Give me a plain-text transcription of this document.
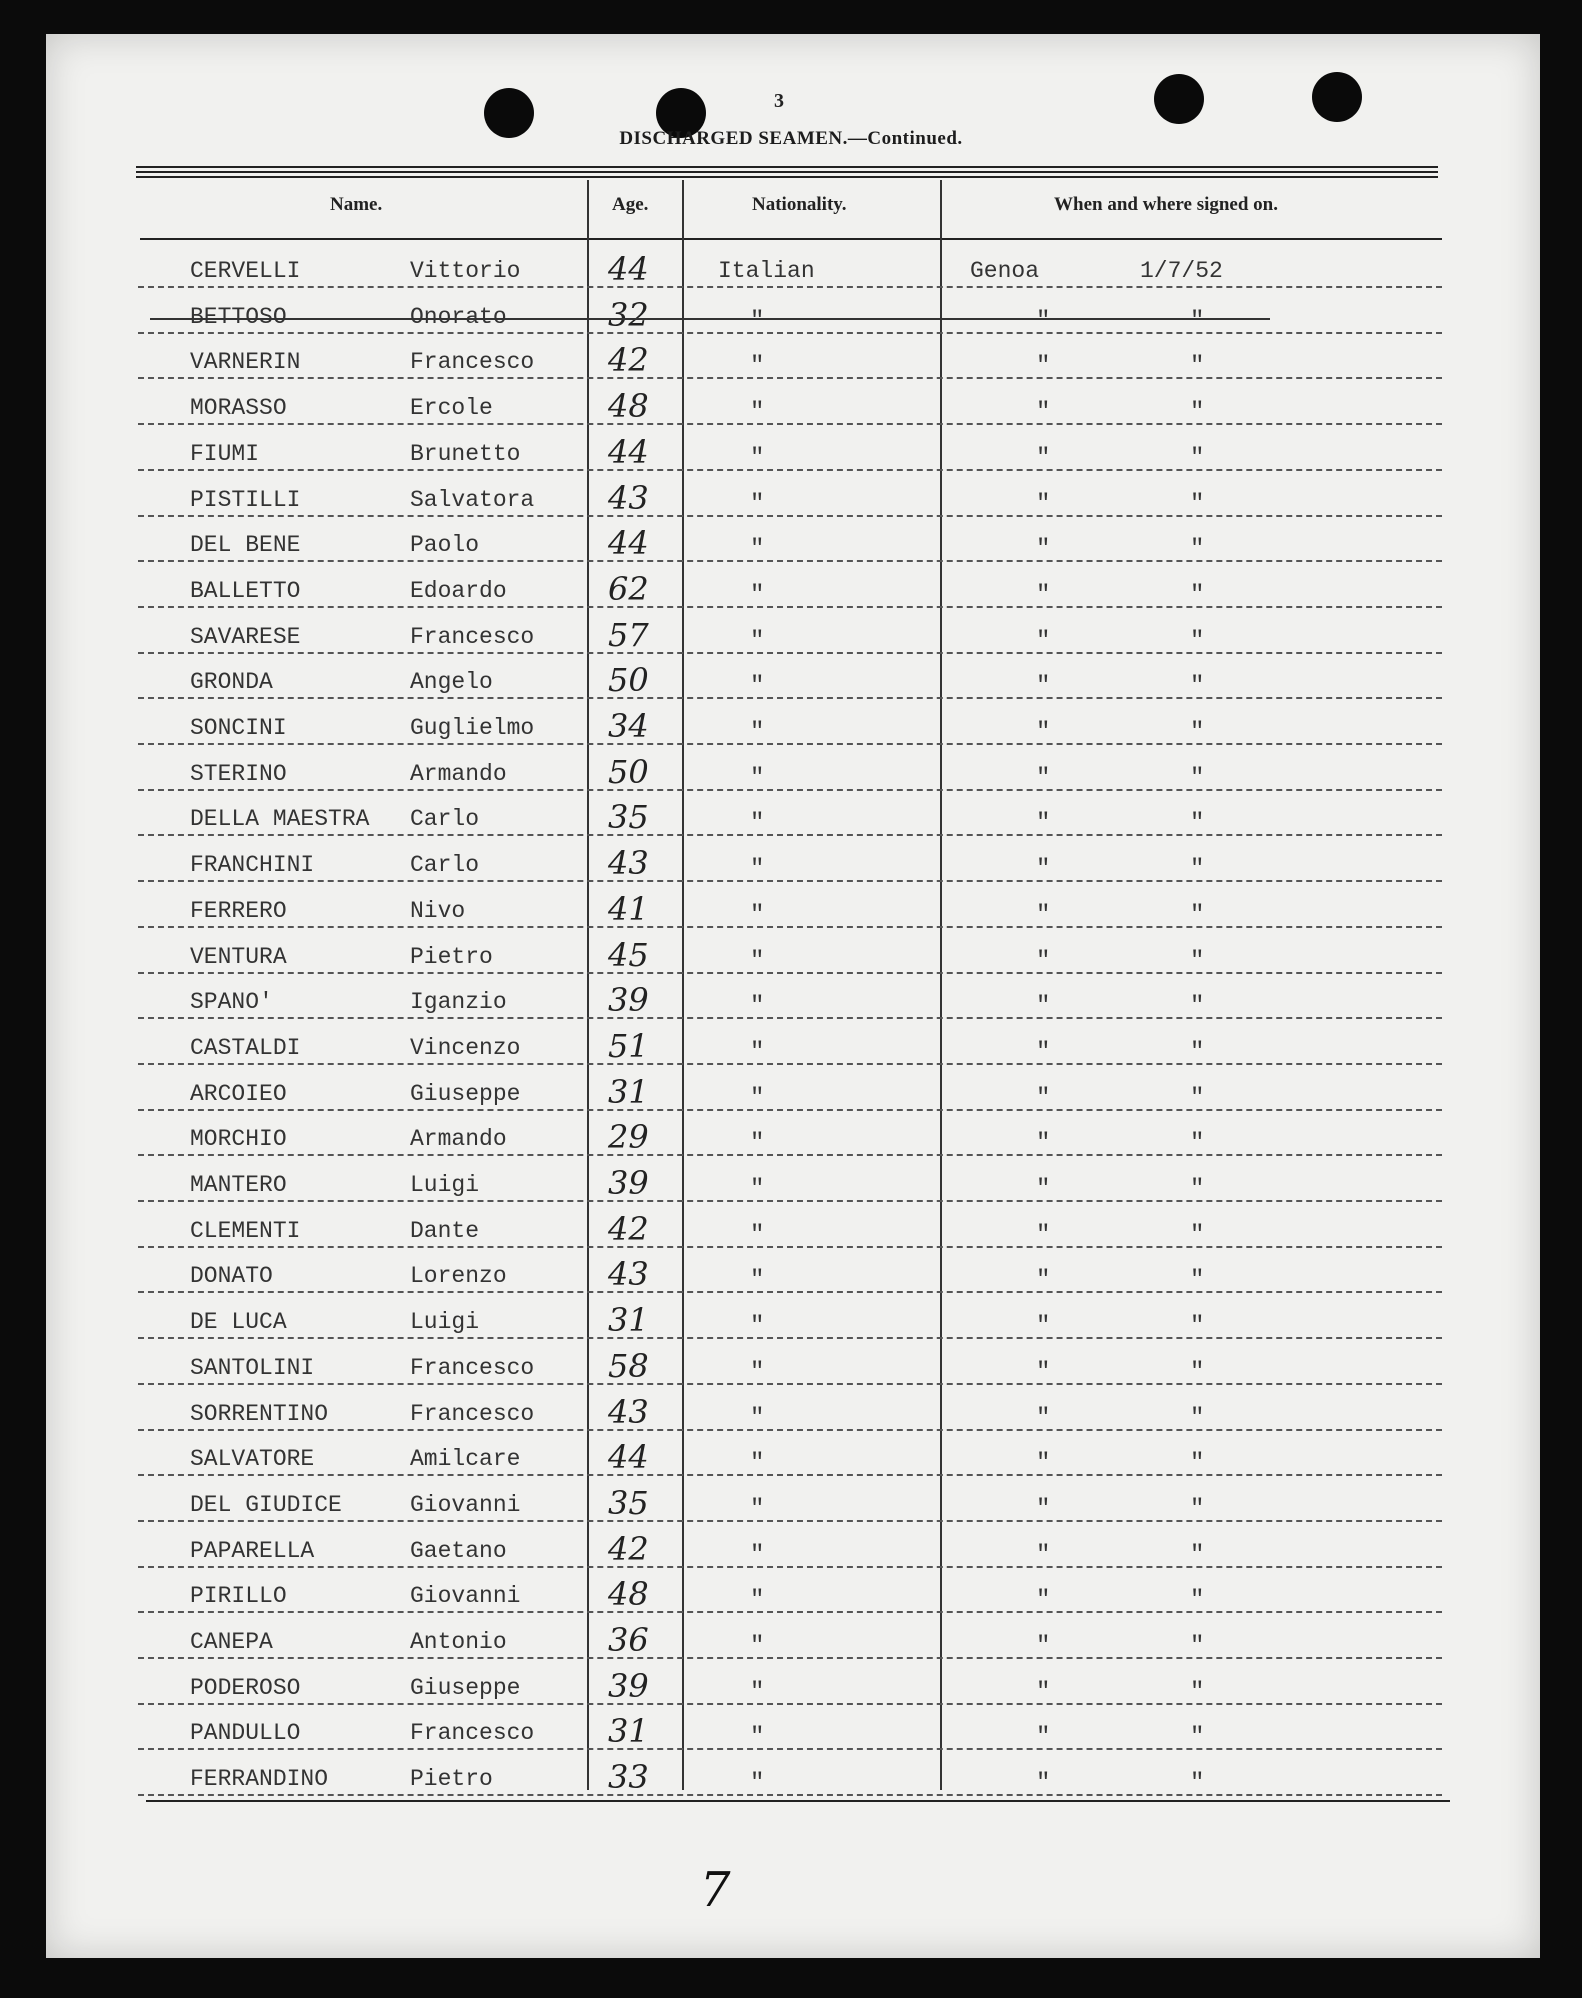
3
DISCHARGED SEAMEN.—Continued.
Name.	Age.	Nationality.	When and where signed on.
CERVELLI	Vittorio	44	Italian	Genoa	1/7/52
BETTOSO	Onorato	32	"	"	"
VARNERIN	Francesco 42	"	"	"
MORASSO	Ercole	48	"	"	"
FIUMI	Brunetto	44	"	"	"
PISTILLI	Salvatora 43	"	"	"
DEL BENE	Paolo	44	"	"	"
BALLETTO	Edoardo	62	"	"	"
SAVARESE	Francesco 57	"	"	"
GRONDA	Angelo	50	"	"	"
SONCINI	Guglielmo 34	"	"	"
STERINO	Armando	50	"	"	"
DELLA MAESTRA Carlo	35	"	"	"
FRANCHINI	Carlo	43	"	"	"
FERRERO	Nivo	41	"	"	"
VENTURA	Pietro	45	"	"	"
SPANO'	Iganzio	39	"	"	"
CASTALDI	Vincenzo	51	"	"	"
ARCOIEO	Giuseppe	31	"	"	"
MORCHIO	Armando	29	"	"	"
MANTERO	Luigi	39	"	"	"
CLEMENTI	Dante	42	"	"	"
DONATO	Lorenzo	43	"	"	"
DE LUCA	Luigi	31	"	"	"
SANTOLINI	Francesco 58	"	"	"
SORRENTINO	Francesco 43	"	"	"
SALVATORE	Amilcare	44	"	"	"
DEL GIUDICE	Giovanni	35	"	"	"
PAPARELLA	Gaetano	42	"	"	"
PIRILLO	Giovanni	48	"	"	"
CANEPA	Antonio	36	"	"	"
PODEROSO	Giuseppe	39	"	"	"
PANDULLO	Francesco 31	"	"	"
FERRANDINO	Pietro	33	"	"	"
7
